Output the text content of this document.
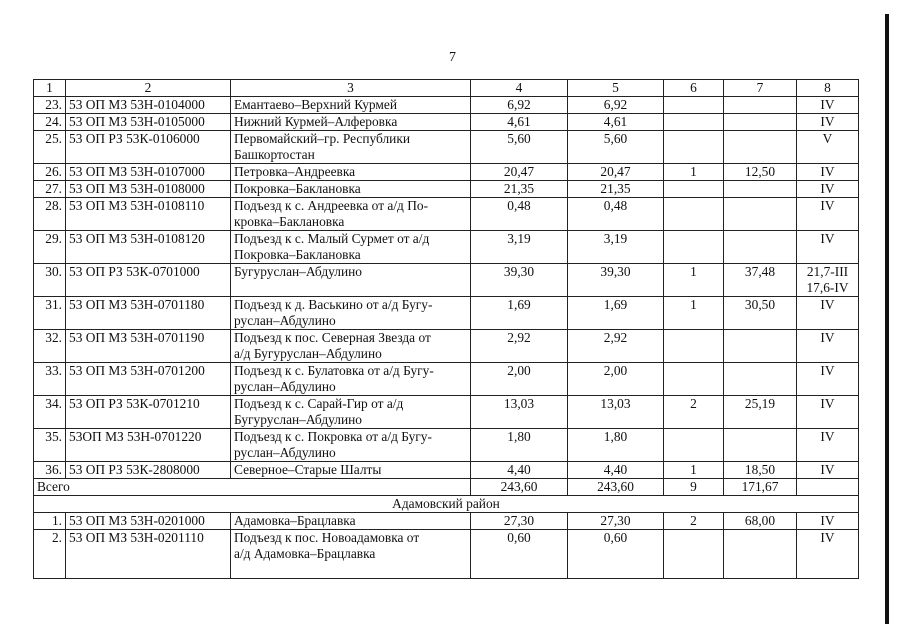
7
1	2	3	4	5	6	7	8
23.	53 ОП МЗ 53Н-0104000	Емантаево–Верхний Курмей	6,92	6,92			IV

24.	53 ОП МЗ 53Н-0105000	Нижний Курмей–Алферовка	4,61	4,61			IV

25.	53 ОП РЗ 53К-0106000	Первомайский–гр. Республики
Башкортостан	5,60	5,60			V

26.	53 ОП МЗ 53Н-0107000	Петровка–Андреевка	20,47	20,47	1	12,50	IV

27.	53 ОП МЗ 53Н-0108000	Покровка–Баклановка	21,35	21,35			IV

28.	53 ОП МЗ 53Н-0108110	Подъезд к с. Андреевка от а/д По-
кровка–Баклановка	0,48	0,48			IV

29.	53 ОП МЗ 53Н-0108120	Подъезд к с. Малый Сурмет от а/д
Покровка–Баклановка	3,19	3,19			IV

30.	53 ОП РЗ 53К-0701000	Бугуруслан–Абдулино	39,30	39,30	1	37,48	21,7-III
17,6-IV

31.	53 ОП МЗ 53Н-0701180	Подъезд к д. Васькино от а/д Бугу-
руслан–Абдулино	1,69	1,69	1	30,50	IV

32.	53 ОП МЗ 53Н-0701190	Подъезд к пос. Северная Звезда от
а/д Бугуруслан–Абдулино	2,92	2,92			IV

33.	53 ОП МЗ 53Н-0701200	Подъезд к с. Булатовка от а/д Бугу-
руслан–Абдулино	2,00	2,00			IV

34.	53 ОП РЗ 53К-0701210	Подъезд к с. Сарай-Гир от а/д
Бугуруслан–Абдулино	13,03	13,03	2	25,19	IV

35.	53ОП МЗ 53Н-0701220	Подъезд к с. Покровка от а/д Бугу-
руслан–Абдулино	1,80	1,80			IV

36.	53 ОП РЗ 53К-2808000	Северное–Старые Шалты	4,40	4,40	1	18,50	IV

Всего			243,60	243,60	9	171,67	
Адамовский район							
1.	53 ОП МЗ 53Н-0201000	Адамовка–Брацлавка	27,30	27,30	2	68,00	IV

2.	53 ОП МЗ 53Н-0201110	Подъезд к пос. Новоадамовка от
а/д Адамовка–Брацлавка	0,60	0,60			IV
